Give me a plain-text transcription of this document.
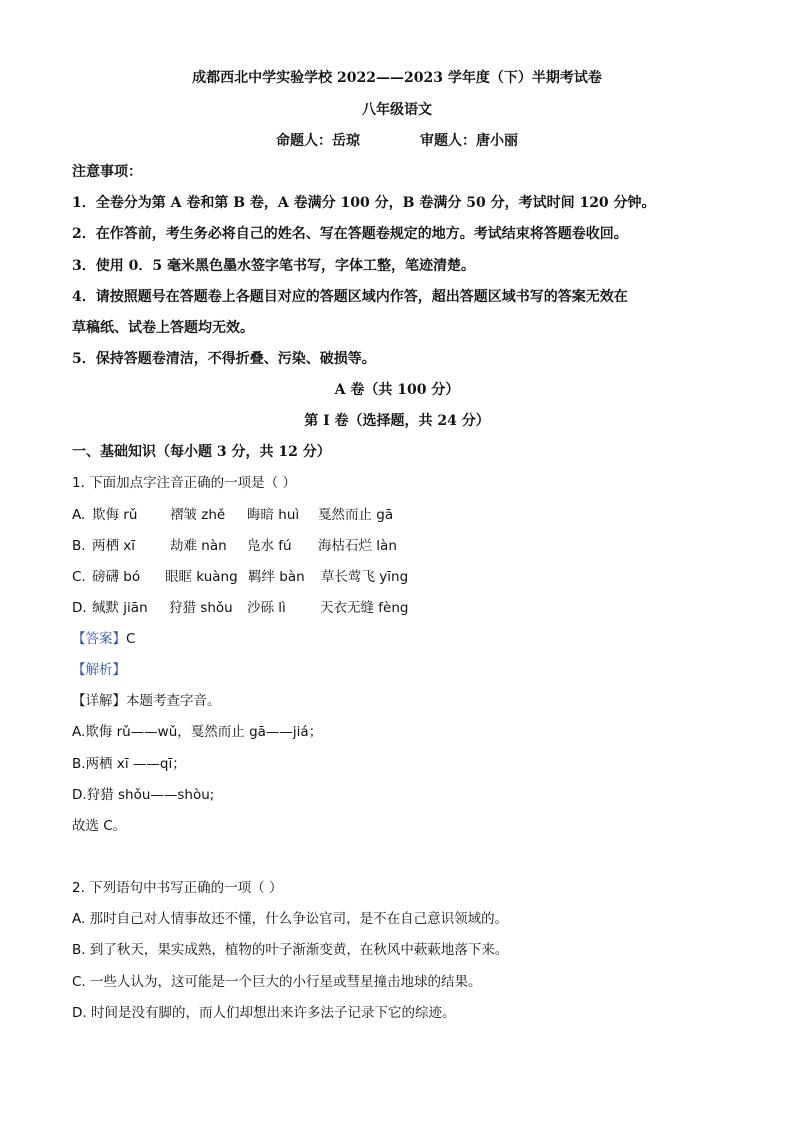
成都西北中学实验学校 2022——2023 学年度（下）半期考试卷
八年级语文
命题人：岳琼	审题人：唐小丽
注意事项：
1．全卷分为第 A 卷和第 B 卷，A 卷满分 100 分，B 卷满分 50 分，考试时间 120 分钟。
2．在作答前，考生务必将自己的姓名、写在答题卷规定的地方。考试结束将答题卷收回。
3．使用 0．5 毫米黑色墨水签字笔书写，字体工整，笔迹清楚。
4．请按照题号在答题卷上各题目对应的答题区域内作答，超出答题区域书写的答案无效在
草稿纸、试卷上答题均无效。
5．保持答题卷清洁，不得折叠、污染、破损等。
A 卷（共 100 分）
第 I 卷（选择题，共 24 分）
一、基础知识（每小题 3 分，共 12 分）
1. 下面加点字注音正确的一项是（ ）
A. 欺侮 rǔ 褶皱 zhě 晦暗 huì 戛然而止 gā
B. 两栖 xī	劫难 nàn 凫水 fú 海枯石烂 làn
C. 磅礴 bó 眼眶 kuàng 羁绊 bàn 草长莺飞 yīng
D. 缄默 jiān 狩猎 shǒu 沙砾 lì	天衣无缝 fèng
【答案】C
【解析】
【详解】本题考查字音。
A.欺侮 rǔ——wǔ，戛然而止 gā——jiá；
B.两栖 xī ——qī；
D.狩猎 shǒu——shòu;
故选 C。
2. 下列语句中书写正确的一项（ ）
A. 那时自己对人情事故还不懂，什么争讼官司，是不在自己意识领域的。
B. 到了秋天，果实成熟，植物的叶子渐渐变黄，在秋风中蔌蔌地落下来。
C. 一些人认为，这可能是一个巨大的小行星或彗星撞击地球的结果。
D. 时间是没有脚的，而人们却想出来许多法子记录下它的综迹。
